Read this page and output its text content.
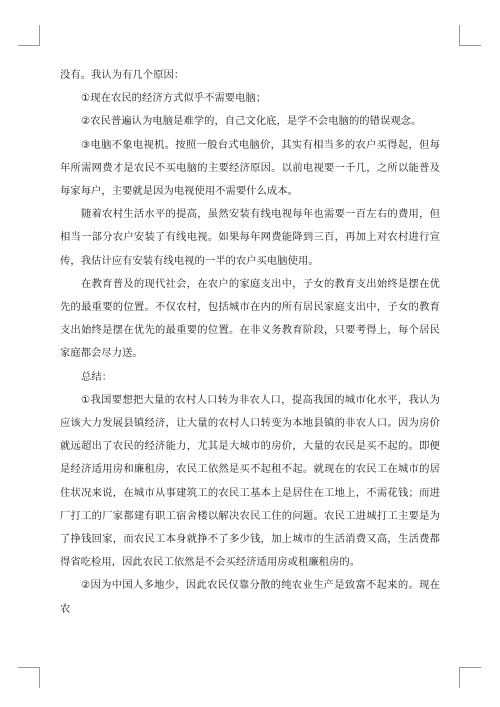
没有。我认为有几个原因：

①现在农民的经济方式似乎不需要电脑；

②农民普遍认为电脑是难学的，自己文化底，是学不会电脑的的错误观念。

③电脑不象电视机。按照一般台式电脑价，其实有相当多的农户买得起，但每年所需网费才是农民不买电脑的主要经济原因。以前电视要一千几，之所以能普及每家每户，主要就是因为电视使用不需要什么成本。

随着农村生活水平的提高，虽然安装有线电视每年也需要一百左右的费用，但相当一部分农户安装了有线电视。如果每年网费能降到三百，再加上对农村进行宣传，我估计应有安装有线电视的一半的农户买电脑使用。

在教育普及的现代社会，在农户的家庭支出中，子女的教育支出始终是摆在优先的最重要的位置。不仅农村，包括城市在内的所有居民家庭支出中，子女的教育支出始终是摆在优先的最重要的位置。在非义务教育阶段，只要考得上，每个居民家庭都会尽力送。

总结：

①我国要想把大量的农村人口转为非农人口，提高我国的城市化水平，我认为应该大力发展县镇经济，让大量的农村人口转变为本地县镇的非农人口。因为房价就远超出了农民的经济能力，尤其是大城市的房价，大量的农民是买不起的。即便是经济适用房和廉租房，农民工依然是买不起租不起。就现在的农民工在城市的居住状况来说，在城市从事建筑工的农民工基本上是居住在工地上，不需花钱；而进厂打工的厂家都建有职工宿舍楼以解决农民工住的问题。农民工进城打工主要是为了挣钱回家，而农民工本身就挣不了多少钱，加上城市的生活消费又高，生活费都得省吃检用，因此农民工依然是不会买经济适用房或租廉租房的。

②因为中国人多地少，因此农民仅靠分散的纯农业生产是致富不起来的。现在农
